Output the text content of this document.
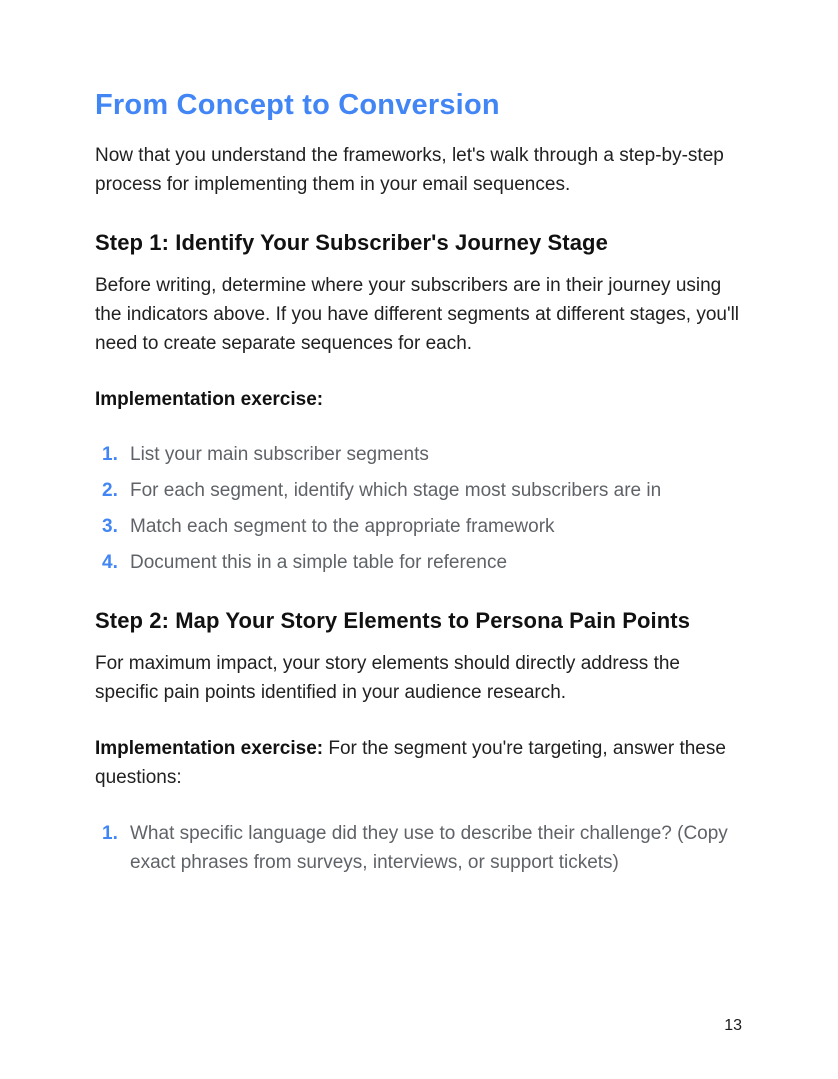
From Concept to Conversion

Now that you understand the frameworks, let's walk through a step-by-step process for implementing them in your email sequences.

Step 1: Identify Your Subscriber's Journey Stage

Before writing, determine where your subscribers are in their journey using the indicators above. If you have different segments at different stages, you'll need to create separate sequences for each.

Implementation exercise:

1. List your main subscriber segments
2. For each segment, identify which stage most subscribers are in
3. Match each segment to the appropriate framework
4. Document this in a simple table for reference
Step 2: Map Your Story Elements to Persona Pain Points

For maximum impact, your story elements should directly address the specific pain points identified in your audience research.

Implementation exercise: For the segment you're targeting, answer these questions:

1. What specific language did they use to describe their challenge? (Copy exact phrases from surveys, interviews, or support tickets)
13
